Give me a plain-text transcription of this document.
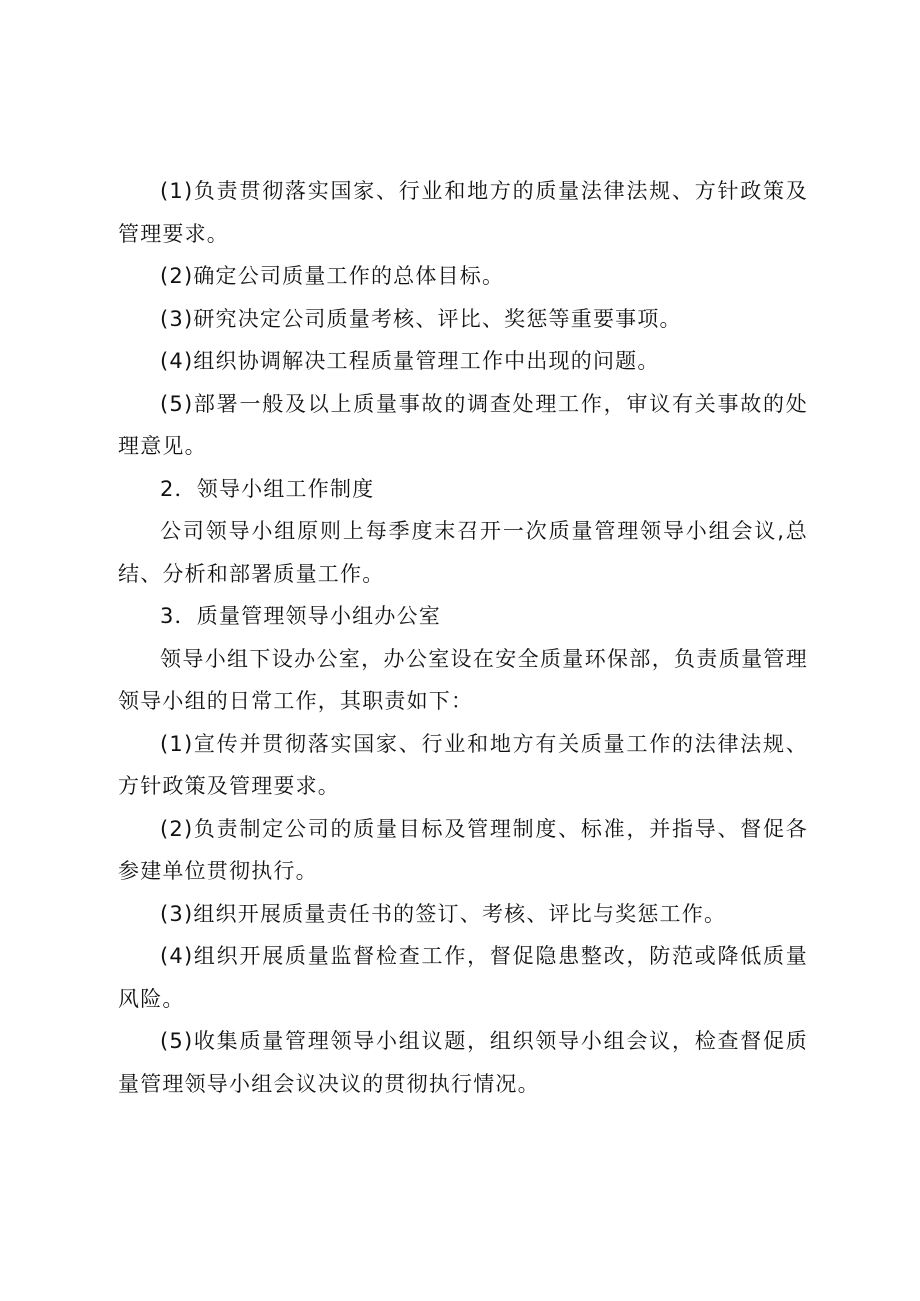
(1)负责贯彻落实国家、行业和地方的质量法律法规、方针政策及管理要求。

(2)确定公司质量工作的总体目标。

(3)研究决定公司质量考核、评比、奖惩等重要事项。

(4)组织协调解决工程质量管理工作中出现的问题。

(5)部署一般及以上质量事故的调查处理工作，审议有关事故的处理意见。

2．领导小组工作制度

公司领导小组原则上每季度末召开一次质量管理领导小组会议,总结、分析和部署质量工作。

3．质量管理领导小组办公室

领导小组下设办公室，办公室设在安全质量环保部，负责质量管理领导小组的日常工作，其职责如下：

(1)宣传并贯彻落实国家、行业和地方有关质量工作的法律法规、方针政策及管理要求。

(2)负责制定公司的质量目标及管理制度、标准，并指导、督促各参建单位贯彻执行。

(3)组织开展质量责任书的签订、考核、评比与奖惩工作。

(4)组织开展质量监督检查工作，督促隐患整改，防范或降低质量风险。

(5)收集质量管理领导小组议题，组织领导小组会议，检查督促质量管理领导小组会议决议的贯彻执行情况。
